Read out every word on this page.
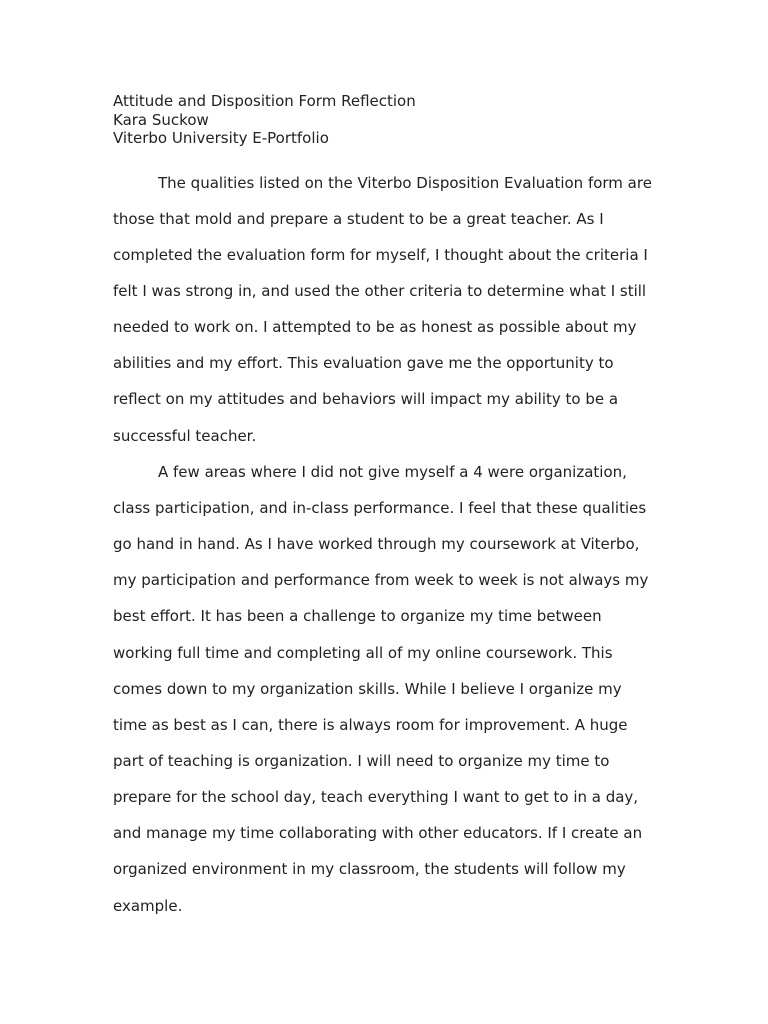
Attitude and Disposition Form Reflection
Kara Suckow
Viterbo University E-Portfolio
The qualities listed on the Viterbo Disposition Evaluation form are
those that mold and prepare a student to be a great teacher. As I
completed the evaluation form for myself, I thought about the criteria I
felt I was strong in, and used the other criteria to determine what I still
needed to work on. I attempted to be as honest as possible about my
abilities and my effort. This evaluation gave me the opportunity to
reflect on my attitudes and behaviors will impact my ability to be a
successful teacher.
A few areas where I did not give myself a 4 were organization,
class participation, and in-class performance. I feel that these qualities
go hand in hand. As I have worked through my coursework at Viterbo,
my participation and performance from week to week is not always my
best effort. It has been a challenge to organize my time between
working full time and completing all of my online coursework. This
comes down to my organization skills. While I believe I organize my
time as best as I can, there is always room for improvement. A huge
part of teaching is organization. I will need to organize my time to
prepare for the school day, teach everything I want to get to in a day,
and manage my time collaborating with other educators. If I create an
organized environment in my classroom, the students will follow my
example.
